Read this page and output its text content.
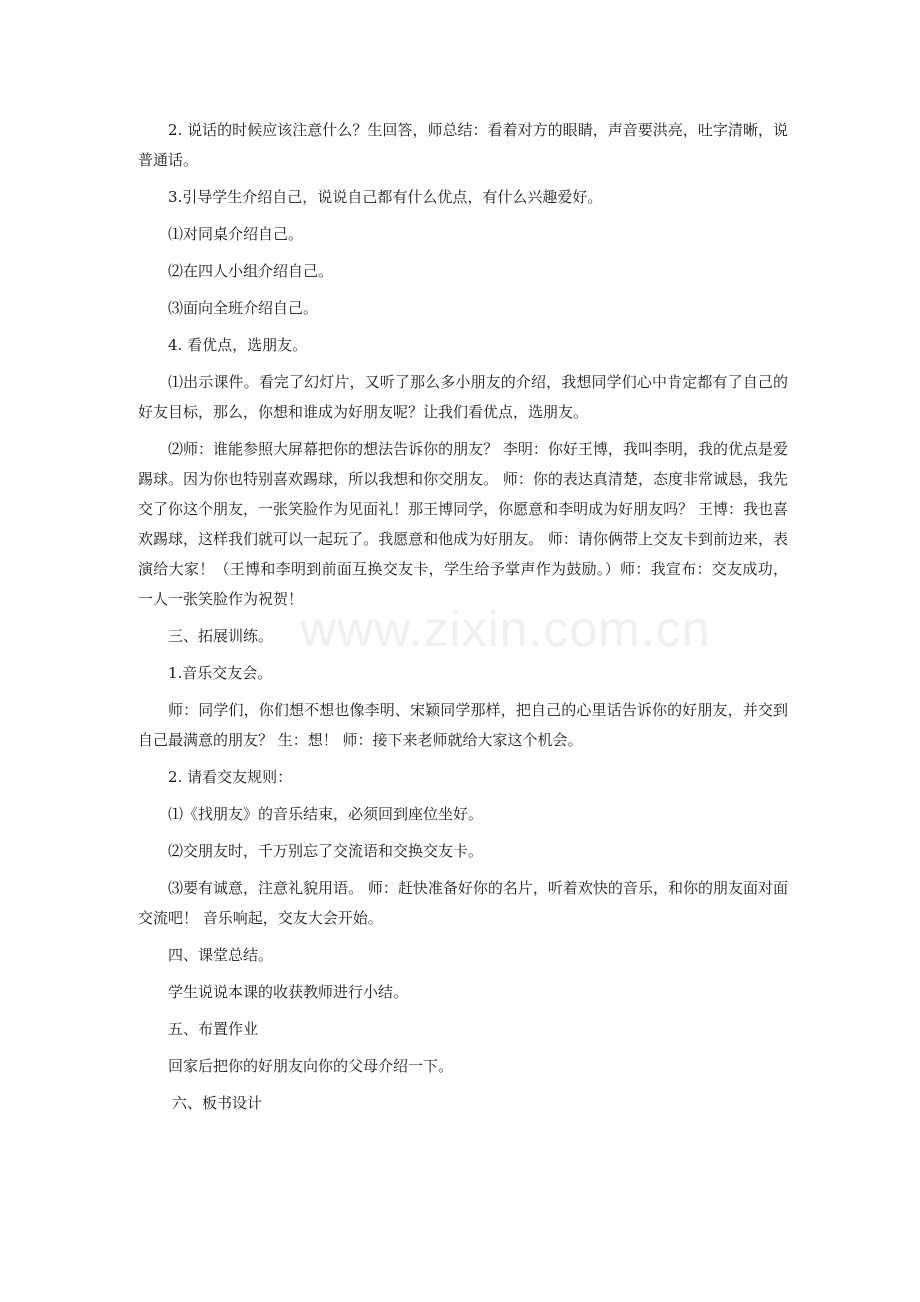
www.zixin.com.cn

2. 说话的时候应该注意什么？生回答，师总结：看着对方的眼睛，声音要洪亮，吐字清晰，说普通话。

3.引导学生介绍自己，说说自己都有什么优点，有什么兴趣爱好。

⑴对同桌介绍自己。

⑵在四人小组介绍自己。

⑶面向全班介绍自己。

4. 看优点，选朋友。

⑴出示课件。看完了幻灯片，又听了那么多小朋友的介绍，我想同学们心中肯定都有了自己的好友目标，那么，你想和谁成为好朋友呢？让我们看优点，选朋友。

⑵师：谁能参照大屏幕把你的想法告诉你的朋友？ 李明：你好王博，我叫李明，我的优点是爱踢球。因为你也特别喜欢踢球，所以我想和你交朋友。 师：你的表达真清楚，态度非常诚恳，我先交了你这个朋友，一张笑脸作为见面礼！那王博同学，你愿意和李明成为好朋友吗？ 王博：我也喜欢踢球，这样我们就可以一起玩了。我愿意和他成为好朋友。 师：请你俩带上交友卡到前边来，表演给大家！（王博和李明到前面互换交友卡，学生给予掌声作为鼓励。）师：我宣布：交友成功，一人一张笑脸作为祝贺！

三、拓展训练。

1.音乐交友会。

师：同学们，你们想不想也像李明、宋颖同学那样，把自己的心里话告诉你的好朋友，并交到自己最满意的朋友？ 生：想！ 师：接下来老师就给大家这个机会。

2. 请看交友规则：

⑴《找朋友》的音乐结束，必须回到座位坐好。

⑵交朋友时，千万别忘了交流语和交换交友卡。

⑶要有诚意，注意礼貌用语。 师：赶快准备好你的名片，听着欢快的音乐，和你的朋友面对面交流吧！ 音乐响起，交友大会开始。

四、课堂总结。

学生说说本课的收获教师进行小结。

五、布置作业

回家后把你的好朋友向你的父母介绍一下。

六、板书设计
